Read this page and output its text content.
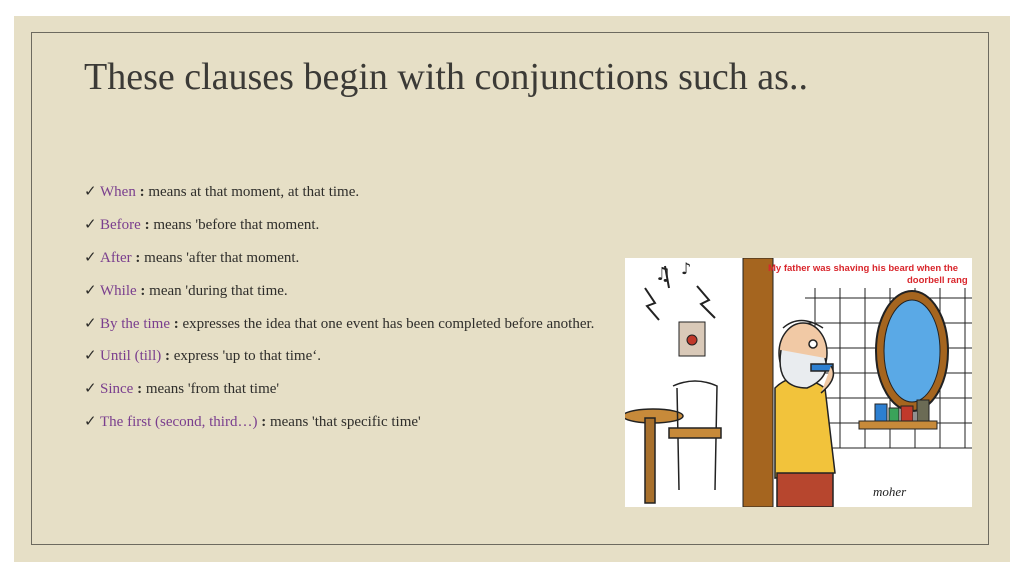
These clauses begin with conjunctions such as..
✓ When : means at that moment, at that time.
✓ Before : means 'before that moment.
✓ After : means 'after that moment.
✓ While : mean 'during that time.
✓ By the time : expresses the idea that one event has been completed before another.
✓ Until (till) : express 'up to that time‘.
✓ Since : means 'from that time'
✓ The first (second, third…) : means 'that specific time'
♫ ♪	My father was shaving his beard when the
doorbell rang
moher
